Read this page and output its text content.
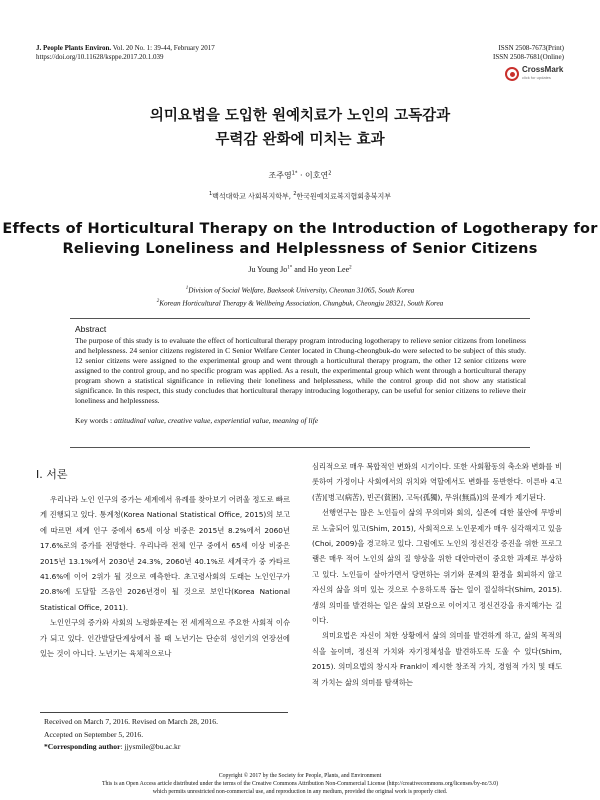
J. People Plants Environ. Vol. 20 No. 1: 39-44, February 2017
https://doi.org/10.11628/ksppe.2017.20.1.039
ISSN 2508-7673(Print)
ISSN 2508-7681(Online)
CrossMark
click for updates
의미요법을 도입한 원예치료가 노인의 고독감과
무력감 완화에 미치는 효과
조주영$^{1*}$ · 이호연$^2$
$^1$백석대학교 사회복지학부, $^2$한국원예치료복지협회충북지부
Effects of Horticultural Therapy on the Introduction of Logotherapy for
Relieving Loneliness and Helplessness of Senior Citizens
Ju Young $Jo^{1*}$ and Ho yeon Lee$^2$
$^1$Division of Social Welfare, Baekseok University, Cheonan 31065, South Korea
$^2$Korean Horticultural Therapy & Wellbeing Association, Chungbuk, Cheongju 28321, South Korea
Abstract
The purpose of this study is to evaluate the effect of horticultural therapy program introducing logotherapy to relieve senior citizens from loneliness and helplessness. 24 senior citizens registered in C Senior Welfare Center located in Chung-cheongbuk-do were selected to be subject of this study. 12 senior citizens were assigned to the experimental group and went through a horticultural therapy program, the other 12 senior citizens were assigned to the control group, and no specific program was applied. As a result, the experimental group which went through a horticultural therapy program shown a statistical significance in relieving their loneliness and helplessness, while the control group did not show any statistical significance. In this respect, this study concludes that horticultural therapy introducing logotherapy, can be useful for senior citizens to relieve their loneliness and helplessness.
Key words : attitudinal value, creative value, experiential value, meaning of life
I. 서론

우리나라 노인 인구의 증가는 세계에서 유례를 찾아보기 어려울 정도로 빠르게 진행되고 있다. 통계청(Korea National Statistical Office, 2015)의 보고에 따르면 세계 인구 중에서 65세 이상 비중은 2015년 8.2%에서 2060년 17.6%로의 증가를 전망한다. 우리나라 전체 인구 중에서 65세 이상 비중은 2015년 13.1%에서 2030년 24.3%, 2060년 40.1%로 세계국가 중 카타르 41.6%에 이어 2위가 될 것으로 예측한다. 초고령사회의 도래는 노인인구가 20.8%에 도달할 즈음인 2026년경이 될 것으로 보인다(Korea National Statistical Office, 2011).

노인인구의 증가와 사회의 노령화문제는 전 세계적으로 주요한 사회적 이슈가 되고 있다. 인간발달단계상에서 볼 때 노년기는 단순히 성인기의 연장선에 있는 것이 아니다. 노년기는 육체적으로나

심리적으로 매우 복합적인 변화의 시기이다. 또한 사회활동의 축소와 변화를 비롯하여 가정이나 사회에서의 위치와 역할에서도 변화를 동반한다. 이른바 4고(苦)[병고(病苦), 빈곤(貧困), 고독(孤獨), 무위(無爲)]의 문제가 제기된다.

선행연구는 많은 노인들이 삶의 무의미와 회의, 실존에 대한 불안에 무방비로 노출되어 있고(Shim, 2015), 사회적으로 노인문제가 매우 심각해지고 있음(Choi, 2009)을 경고하고 있다. 그럼에도 노인의 정신건강 증진을 위한 프로그램은 매우 적어 노인의 삶의 질 향상을 위한 대안마련이 중요한 과제로 부상하고 있다. 노인들이 살아가면서 당면하는 위기와 문제의 환경을 회피하지 않고 자신의 삶을 의미 있는 것으로 수용하도록 돕는 일이 절실하다(Shim, 2015). 생의 의미를 발견하는 일은 삶의 보람으로 이어지고 정신건강을 유지해가는 길이다.

의미요법은 자신이 처한 상황에서 삶의 의미를 발견하게 하고, 삶의 목적의식을 높이며, 정신적 가치와 자기정체성을 발견하도록 도울 수 있다(Shim, 2015). 의미요법의 창시자 Frankl이 제시한 창조적 가치, 경험적 가치 및 태도적 가치는 삶의 의미를 탐색하는

Received on March 7, 2016. Revised on March 28, 2016.
Accepted on September 5, 2016.
*Corresponding author: jjysmile@bu.ac.kr
Copyright © 2017 by the Society for People, Plants, and Environment
This is an Open Access article distributed under the terms of the Creative Commons Attribution Non-Commercial License (http://creativecommons.org/licenses/by-nc/3.0)
which permits unrestricted non-commercial use, and reproduction in any medium, provided the original work is properly cited.
